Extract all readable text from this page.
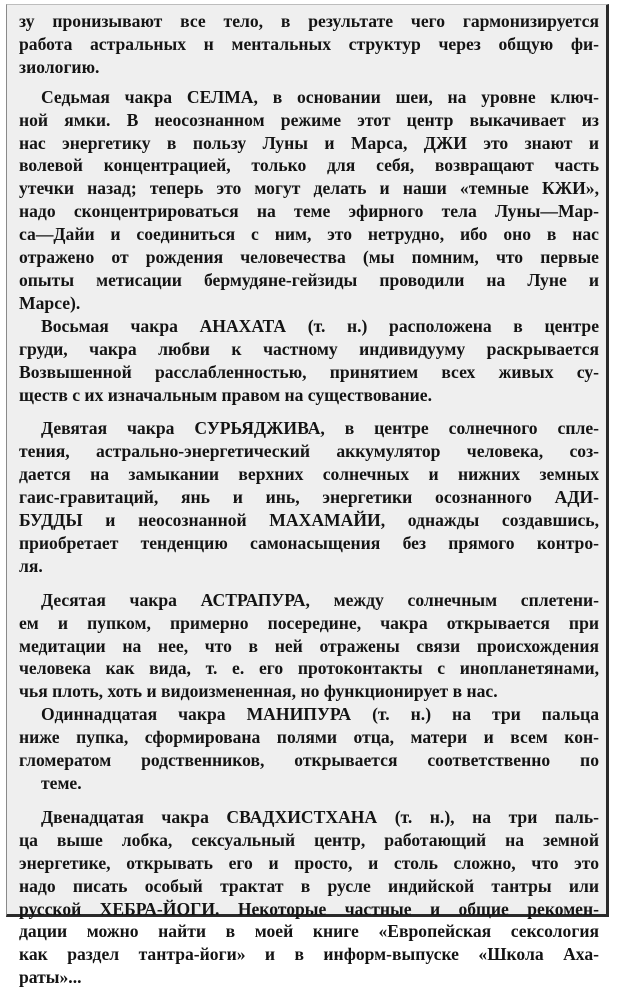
зу пронизывают все тело, в результате чего гармонизируется
работа астральных н ментальных структур через общую фи-
зиологию.
Седьмая чакра СЕЛМА, в основании шеи, на уровне ключ-
ной ямки. В неосознанном режиме этот центр выкачивает из
нас энергетику в пользу Луны и Марса, ДЖИ это знают и
волевой концентрацией, только для себя, возвращают часть
утечки назад; теперь это могут делать и наши «темные КЖИ»,
надо сконцентрироваться на теме эфирного тела Луны—Мар-
са—Дайи и соединиться с ним, это нетрудно, ибо оно в нас
отражено от рождения человечества (мы помним, что первые
опыты метисации бермудяне-гейзиды проводили на Луне и
Марсе).
Восьмая чакра АНАХАТА (т. н.) расположена в центре
груди, чакра любви к частному индивидууму раскрывается
Возвышенной расслабленностью, принятием всех живых су-
ществ с их изначальным правом на существование.
Девятая чакра СУРЬЯДЖИВА, в центре солнечного спле-
тения, астрально-энергетический аккумулятор человека, соз-
дается на замыкании верхних солнечных и нижних земных
гаис-гравитаций, янь и инь, энергетики осознанного АДИ-
БУДДЫ и неосознанной МАХАМАЙИ, однажды создавшись,
приобретает тенденцию самонасыщения без прямого контро-
ля.
Десятая чакра АСТРАПУРА, между солнечным сплетени-
ем и пупком, примерно посередине, чакра открывается при
медитации на нее, что в ней отражены связи происхождения
человека как вида, т. е. его протоконтакты с инопланетянами,
чья плоть, хоть и видоизмененная, но функционирует в нас.
Одиннадцатая чакра МАНИПУРА (т. н.) на три пальца
ниже пупка, сформирована полями отца, матери и всем кон-
гломератом родственников, открывается соответственно по
теме.
Двенадцатая чакра СВАДХИСТХАНА (т. н.), на три паль-
ца выше лобка, сексуальный центр, работающий на земной
энергетике, открывать его и просто, и столь сложно, что это
надо писать особый трактат в русле индийской тантры или
русской ХЕБРА-ЙОГИ. Некоторые частные и общие рекомен-
дации можно найти в моей книге «Европейская сексология
как раздел тантра-йоги» и в информ-выпуске «Школа Аха-
раты»...
